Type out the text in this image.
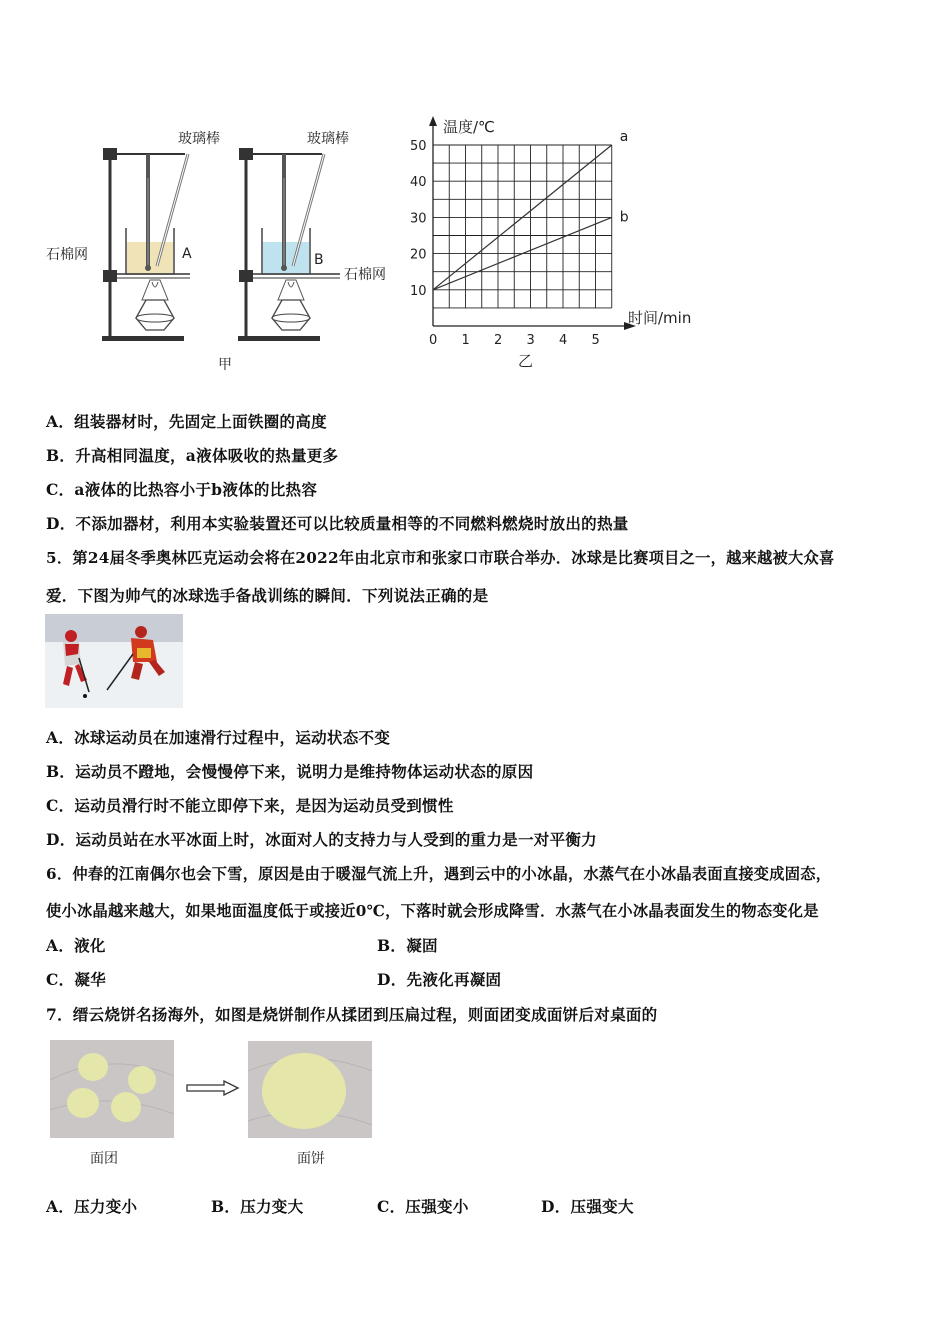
玻璃棒	玻璃棒
石棉网
石棉网
A	B
甲
10
20
30
40
50
0 1 2 3 4 5
a
b
温度/℃
时间/min
乙
A．组装器材时，先固定上面铁圈的高度
B．升高相同温度，a液体吸收的热量更多
C．a液体的比热容小于b液体的比热容
D．不添加器材，利用本实验装置还可以比较质量相等的不同燃料燃烧时放出的热量
5．第24届冬季奥林匹克运动会将在2022年由北京市和张家口市联合举办．冰球是比赛项目之一，越来越被大众喜
爱．下图为帅气的冰球选手备战训练的瞬间．下列说法正确的是
A．冰球运动员在加速滑行过程中，运动状态不变
B．运动员不蹬地，会慢慢停下来，说明力是维持物体运动状态的原因
C．运动员滑行时不能立即停下来，是因为运动员受到惯性
D．运动员站在水平冰面上时，冰面对人的支持力与人受到的重力是一对平衡力
6．仲春的江南偶尔也会下雪，原因是由于暖湿气流上升，遇到云中的小冰晶，水蒸气在小冰晶表面直接变成固态，
使小冰晶越来越大，如果地面温度低于或接近0℃，下落时就会形成降雪．水蒸气在小冰晶表面发生的物态变化是
A．液化	B．凝固
C．凝华	D．先液化再凝固
7．缙云烧饼名扬海外，如图是烧饼制作从揉团到压扁过程，则面团变成面饼后对桌面的
面团	面饼
A．压力变小	B．压力变大	C．压强变小	D．压强变大
